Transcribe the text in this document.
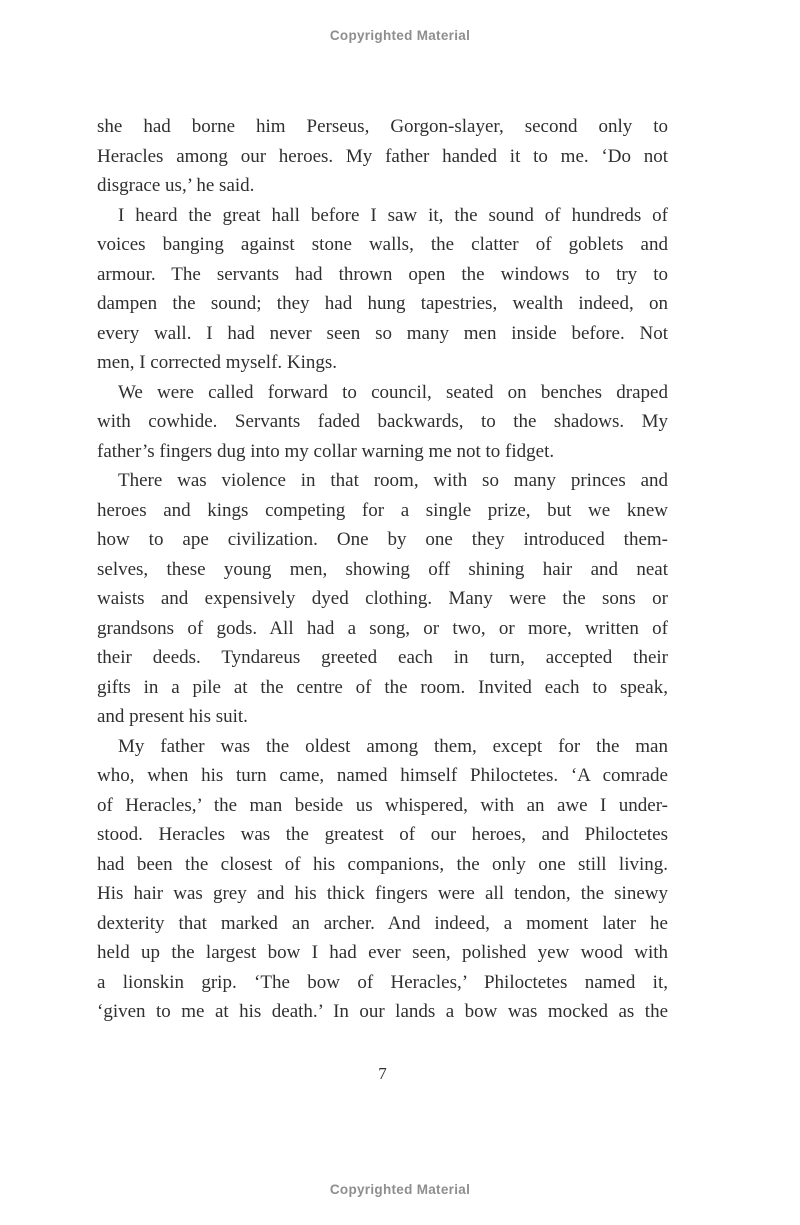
Copyrighted Material
she had borne him Perseus, Gorgon-slayer, second only to
Heracles among our heroes. My father handed it to me. ‘Do not
disgrace us,’ he said.
I heard the great hall before I saw it, the sound of hundreds of
voices banging against stone walls, the clatter of goblets and
armour. The servants had thrown open the windows to try to
dampen the sound; they had hung tapestries, wealth indeed, on
every wall. I had never seen so many men inside before. Not
men, I corrected myself. Kings.
We were called forward to council, seated on benches draped
with cowhide. Servants faded backwards, to the shadows. My
father’s fingers dug into my collar warning me not to fidget.
There was violence in that room, with so many princes and
heroes and kings competing for a single prize, but we knew
how to ape civilization. One by one they introduced them-
selves, these young men, showing off shining hair and neat
waists and expensively dyed clothing. Many were the sons or
grandsons of gods. All had a song, or two, or more, written of
their deeds. Tyndareus greeted each in turn, accepted their
gifts in a pile at the centre of the room. Invited each to speak,
and present his suit.
My father was the oldest among them, except for the man
who, when his turn came, named himself Philoctetes. ‘A comrade
of Heracles,’ the man beside us whispered, with an awe I under-
stood. Heracles was the greatest of our heroes, and Philoctetes
had been the closest of his companions, the only one still living.
His hair was grey and his thick fingers were all tendon, the sinewy
dexterity that marked an archer. And indeed, a moment later he
held up the largest bow I had ever seen, polished yew wood with
a lionskin grip. ‘The bow of Heracles,’ Philoctetes named it,
‘given to me at his death.’ In our lands a bow was mocked as the
7
Copyrighted Material
